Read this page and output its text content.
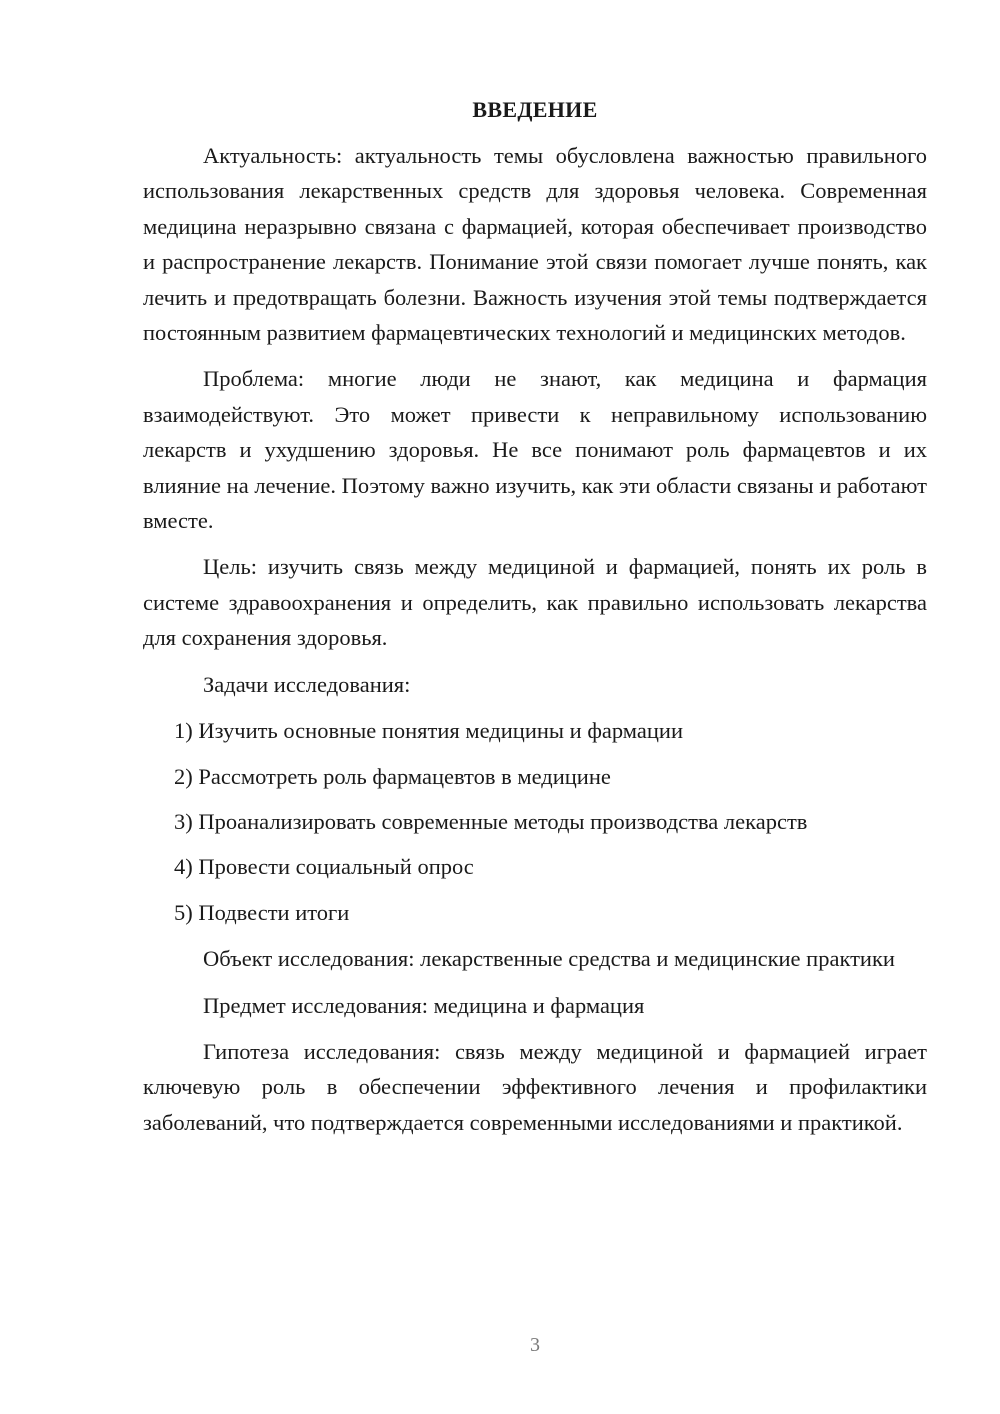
ВВЕДЕНИЕ

Актуальность: актуальность темы обусловлена важностью правильного использования лекарственных средств для здоровья человека. Современная медицина неразрывно связана с фармацией, которая обеспечивает производство и распространение лекарств. Понимание этой связи помогает лучше понять, как лечить и предотвращать болезни. Важность изучения этой темы подтверждается постоянным развитием фармацевтических технологий и медицинских методов.

Проблема: многие люди не знают, как медицина и фармация взаимодействуют. Это может привести к неправильному использованию лекарств и ухудшению здоровья. Не все понимают роль фармацевтов и их влияние на лечение. Поэтому важно изучить, как эти области связаны и работают вместе.

Цель: изучить связь между медициной и фармацией, понять их роль в системе здравоохранения и определить, как правильно использовать лекарства для сохранения здоровья.

Задачи исследования:

1) Изучить основные понятия медицины и фармации

2) Рассмотреть роль фармацевтов в медицине

3) Проанализировать современные методы производства лекарств

4) Провести социальный опрос

5) Подвести итоги

Объект исследования: лекарственные средства и медицинские практики

Предмет исследования: медицина и фармация

Гипотеза исследования: связь между медициной и фармацией играет ключевую роль в обеспечении эффективного лечения и профилактики заболеваний, что подтверждается современными исследованиями и практикой.

3
